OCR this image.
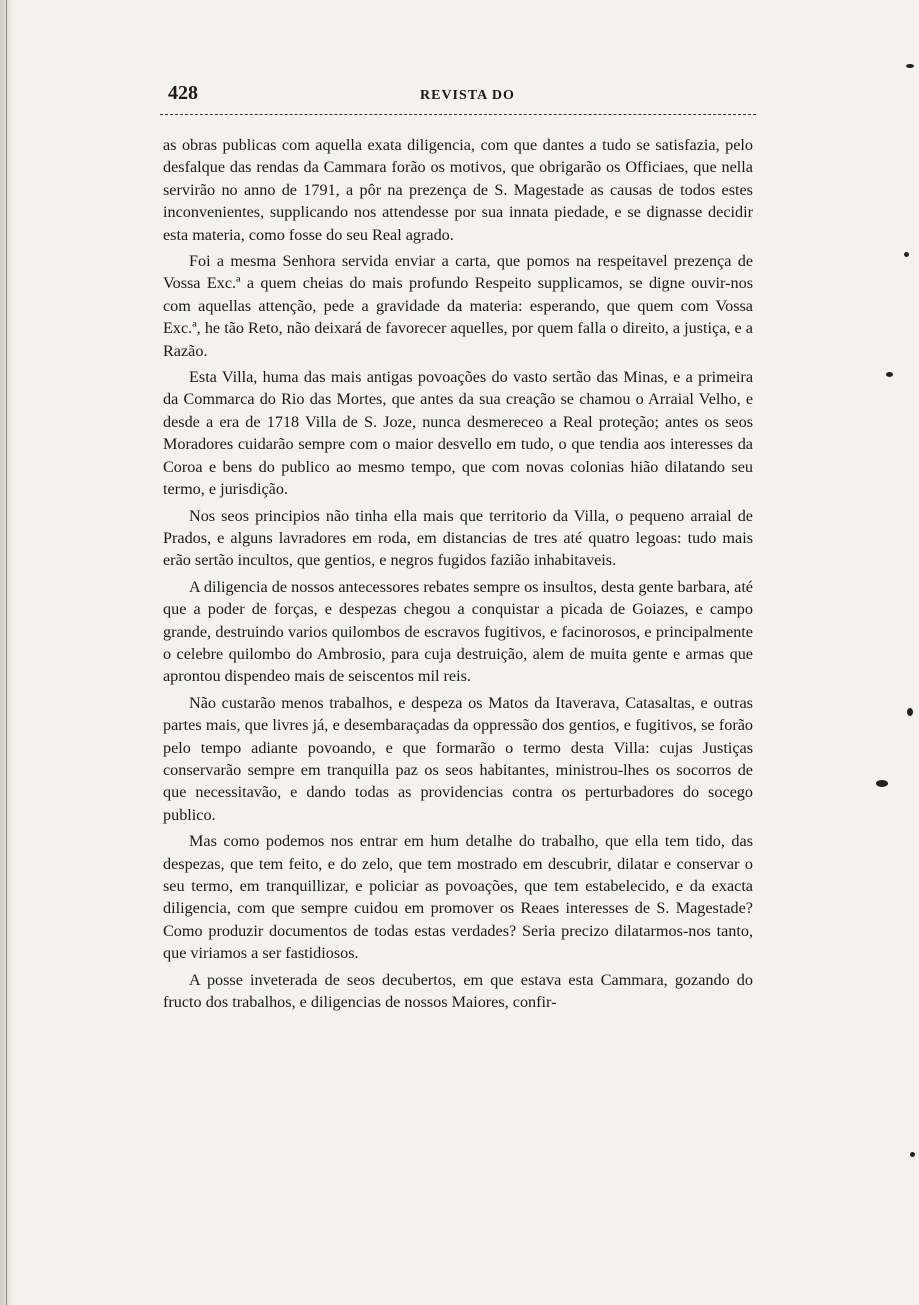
428	REVISTA DO

as obras publicas com aquella exata diligencia, com que dantes a tudo se satisfazia, pelo desfalque das rendas da Cammara forão os motivos, que obrigarão os Officiaes, que nella servirão no anno de 1791, a pôr na prezença de S. Magestade as causas de todos estes inconvenientes, supplicando nos attendesse por sua innata piedade, e se dignasse decidir esta materia, como fosse do seu Real agrado.

Foi a mesma Senhora servida enviar a carta, que pomos na respeitavel prezença de Vossa Exc.ª a quem cheias do mais profundo Respeito supplicamos, se digne ouvir-nos com aquellas attenção, pede a gravidade da materia: esperando, que quem com Vossa Exc.ª, he tão Reto, não deixará de favorecer aquelles, por quem falla o direito, a justiça, e a Razão.

Esta Villa, huma das mais antigas povoações do vasto sertão das Minas, e a primeira da Commarca do Rio das Mortes, que antes da sua creação se chamou o Arraial Velho, e desde a era de 1718 Villa de S. Joze, nunca desmereceo a Real proteção; antes os seos Moradores cuidarão sempre com o maior desvello em tudo, o que tendia aos interesses da Coroa e bens do publico ao mesmo tempo, que com novas colonias hião dilatando seu termo, e jurisdição.

Nos seos principios não tinha ella mais que territorio da Villa, o pequeno arraial de Prados, e alguns lavradores em roda, em distancias de tres até quatro legoas: tudo mais erão sertão incultos, que gentios, e negros fugidos fazião inhabitaveis.

A diligencia de nossos antecessores rebates sempre os insultos, desta gente barbara, até que a poder de forças, e despezas chegou a conquistar a picada de Goiazes, e campo grande, destruindo varios quilombos de escravos fugitivos, e facinorosos, e principalmente o celebre quilombo do Ambrosio, para cuja destruição, alem de muita gente e armas que aprontou dispendeo mais de seiscentos mil reis.

Não custarão menos trabalhos, e despeza os Matos da Itaverava, Catasaltas, e outras partes mais, que livres já, e desembaraçadas da oppressão dos gentios, e fugitivos, se forão pelo tempo adiante povoando, e que formarão o termo desta Villa: cujas Justiças conservarão sempre em tranquilla paz os seos habitantes, ministrou-lhes os socorros de que necessitavão, e dando todas as providencias contra os perturbadores do socego publico.

Mas como podemos nos entrar em hum detalhe do trabalho, que ella tem tido, das despezas, que tem feito, e do zelo, que tem mostrado em descubrir, dilatar e conservar o seu termo, em tranquillizar, e policiar as povoações, que tem estabelecido, e da exacta diligencia, com que sempre cuidou em promover os Reaes interesses de S. Magestade? Como produzir documentos de todas estas verdades? Seria precizo dilatarmos-nos tanto, que viriamos a ser fastidiosos.

A posse inveterada de seos decubertos, em que estava esta Cammara, gozando do fructo dos trabalhos, e diligencias de nossos Maiores, confir-
